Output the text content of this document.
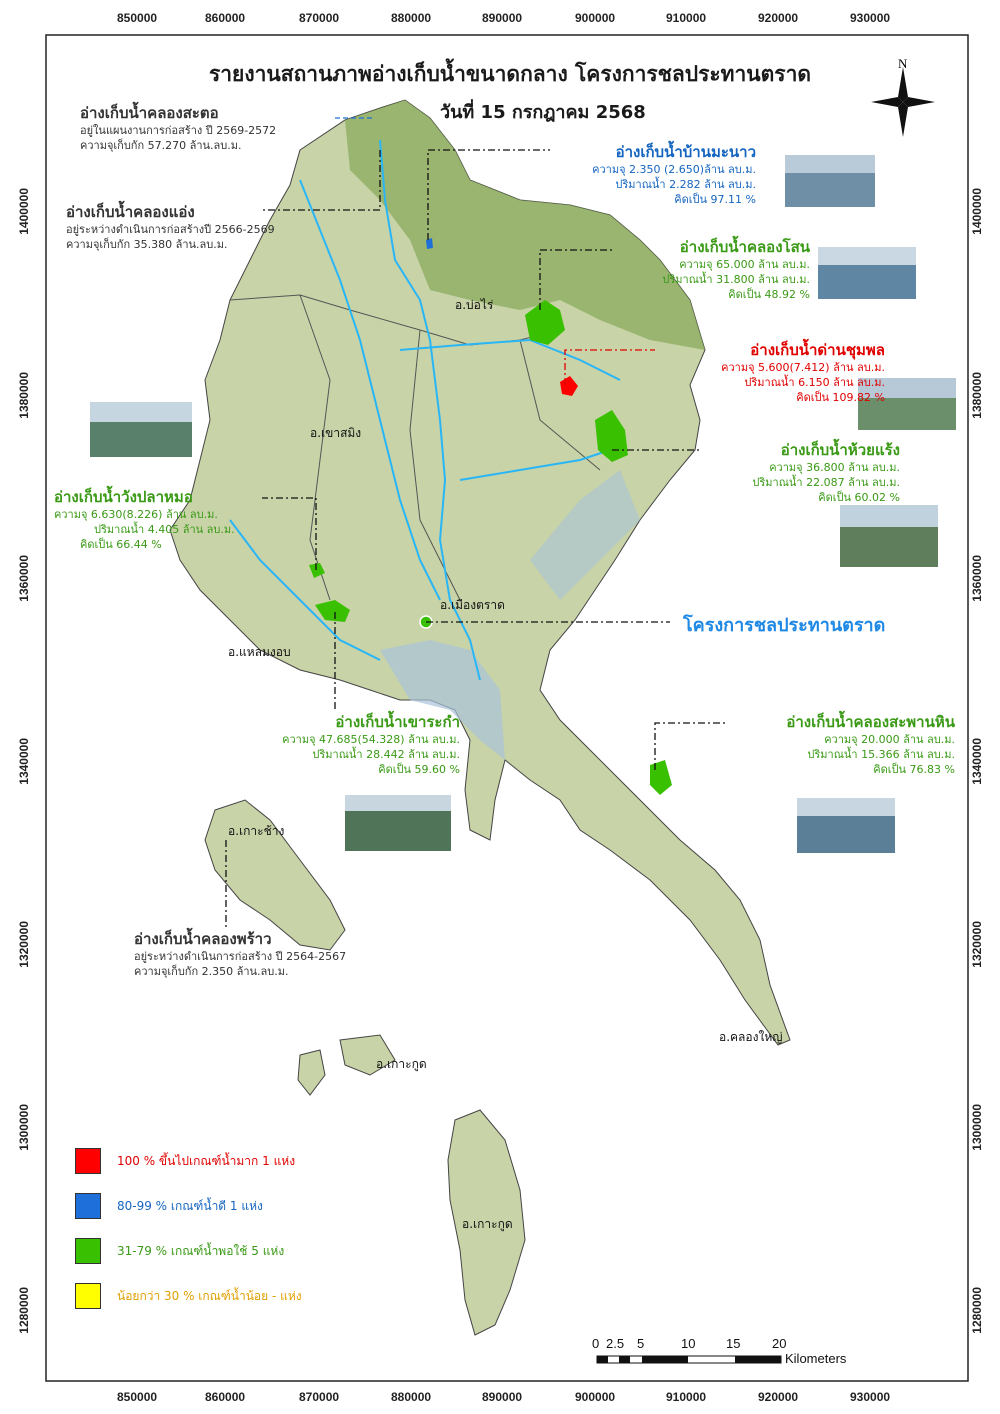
850000	860000	870000	880000	890000	900000	910000	920000	930000
850000	860000	870000	880000	890000	900000	910000	920000	930000
1400000
1380000
1360000
1340000
1320000
1300000
1280000
1400000
1380000
1360000
1340000
1320000
1300000
1280000
รายงานสถานภาพอ่างเก็บน้ำขนาดกลาง โครงการชลประทานตราด
วันที่ 15 กรกฎาคม 2568
N
อ่างเก็บน้ำคลองสะตอ
อยู่ในแผนงานการก่อสร้าง ปี 2569-2572
ความจุเก็บกัก 57.270 ล้าน.ลบ.ม.
อ่างเก็บน้ำคลองแอ่ง
อยู่ระหว่างดำเนินการก่อสร้างปี 2566-2569
ความจุเก็บกัก 35.380 ล้าน.ลบ.ม.
อ่างเก็บน้ำบ้านมะนาว
ความจุ 2.350 (2.650)ล้าน ลบ.ม.
ปริมาณน้ำ 2.282 ล้าน ลบ.ม.
คิดเป็น 97.11 %
อ่างเก็บน้ำคลองโสน
ความจุ 65.000 ล้าน ลบ.ม.
ปริมาณน้ำ 31.800 ล้าน ลบ.ม.
คิดเป็น 48.92 %
อ่างเก็บน้ำด่านชุมพล
ความจุ 5.600(7.412) ล้าน ลบ.ม.
ปริมาณน้ำ 6.150 ล้าน ลบ.ม.
คิดเป็น 109.82 %
อ่างเก็บน้ำห้วยแร้ง
ความจุ 36.800 ล้าน ลบ.ม.
ปริมาณน้ำ 22.087 ล้าน ลบ.ม.
คิดเป็น 60.02 %
อ่างเก็บน้ำวังปลาหมอ
ความจุ 6.630(8.226) ล้าน ลบ.ม.
ปริมาณน้ำ 4.405 ล้าน ลบ.ม.
คิดเป็น 66.44 %
อ่างเก็บน้ำเขาระกำ
ความจุ 47.685(54.328) ล้าน ลบ.ม.
ปริมาณน้ำ 28.442 ล้าน ลบ.ม.
คิดเป็น 59.60 %
อ่างเก็บน้ำคลองสะพานหิน
ความจุ 20.000 ล้าน ลบ.ม.
ปริมาณน้ำ 15.366 ล้าน ลบ.ม.
คิดเป็น 76.83 %
อ่างเก็บน้ำคลองพร้าว
อยู่ระหว่างดำเนินการก่อสร้าง ปี 2564-2567
ความจุเก็บกัก 2.350 ล้าน.ลบ.ม.
โครงการชลประทานตราด
อ.บ่อไร่
อ.เขาสมิง
อ.เมืองตราด
อ.แหลมงอบ
อ.เกาะช้าง
อ.คลองใหญ่
อ.เกาะกูด
อ.เกาะกูด
100 % ขึ้นไปเกณฑ์น้ำมาก 1 แห่ง
80-99 % เกณฑ์น้ำดี 1 แห่ง
31-79 % เกณฑ์น้ำพอใช้ 5 แห่ง
น้อยกว่า 30 % เกณฑ์น้ำน้อย - แห่ง
0 2.5 5	10 15 20
Kilometers
